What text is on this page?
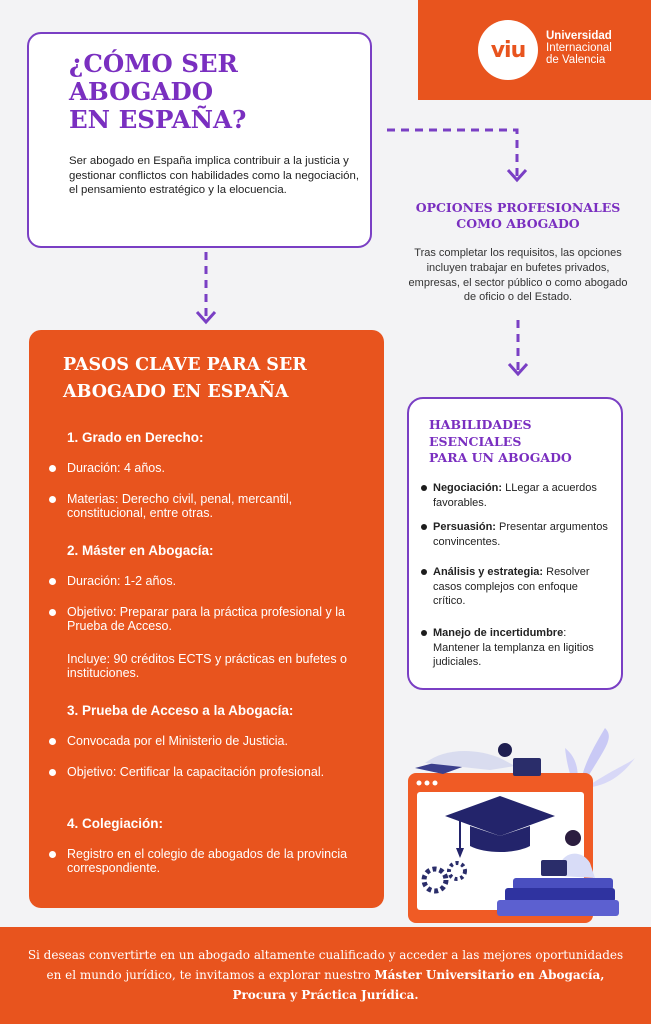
viu
Universidad
Internacional
de Valencia
¿CÓMO SER
ABOGADO
EN ESPAÑA?
Ser abogado en España implica contribuir a la justicia y gestionar conflictos con habilidades como la negociación, el pensamiento estratégico y la elocuencia.
OPCIONES PROFESIONALES
COMO ABOGADO
Tras completar los requisitos, las opciones incluyen trabajar en bufetes privados, empresas, el sector público o como abogado de oficio o del Estado.
PASOS CLAVE PARA SER
ABOGADO EN ESPAÑA
1. Grado en Derecho:
Duración: 4 años.
Materias: Derecho civil, penal, mercantil, constitucional, entre otras.
2. Máster en Abogacía:
Duración: 1-2 años.
Objetivo: Preparar para la práctica profesional y la Prueba de Acceso.
Incluye: 90 créditos ECTS y prácticas en bufetes o instituciones.
3. Prueba de Acceso a la Abogacía:
Convocada por el Ministerio de Justicia.
Objetivo: Certificar la capacitación profesional.
4. Colegiación:
Registro en el colegio de abogados de la provincia correspondiente.
HABILIDADES
ESENCIALES
PARA UN ABOGADO
Negociación: LLegar a acuerdos favorables.
Persuasión: Presentar argumentos convincentes.
Análisis y estrategia: Resolver casos complejos con enfoque crítico.
Manejo de incertidumbre: Mantener la templanza en ligitios judiciales.
Si deseas convertirte en un abogado altamente cualificado y acceder a las mejores oportunidades en el mundo jurídico, te invitamos a explorar nuestro Máster Universitario en Abogacía, Procura y Práctica Jurídica.
